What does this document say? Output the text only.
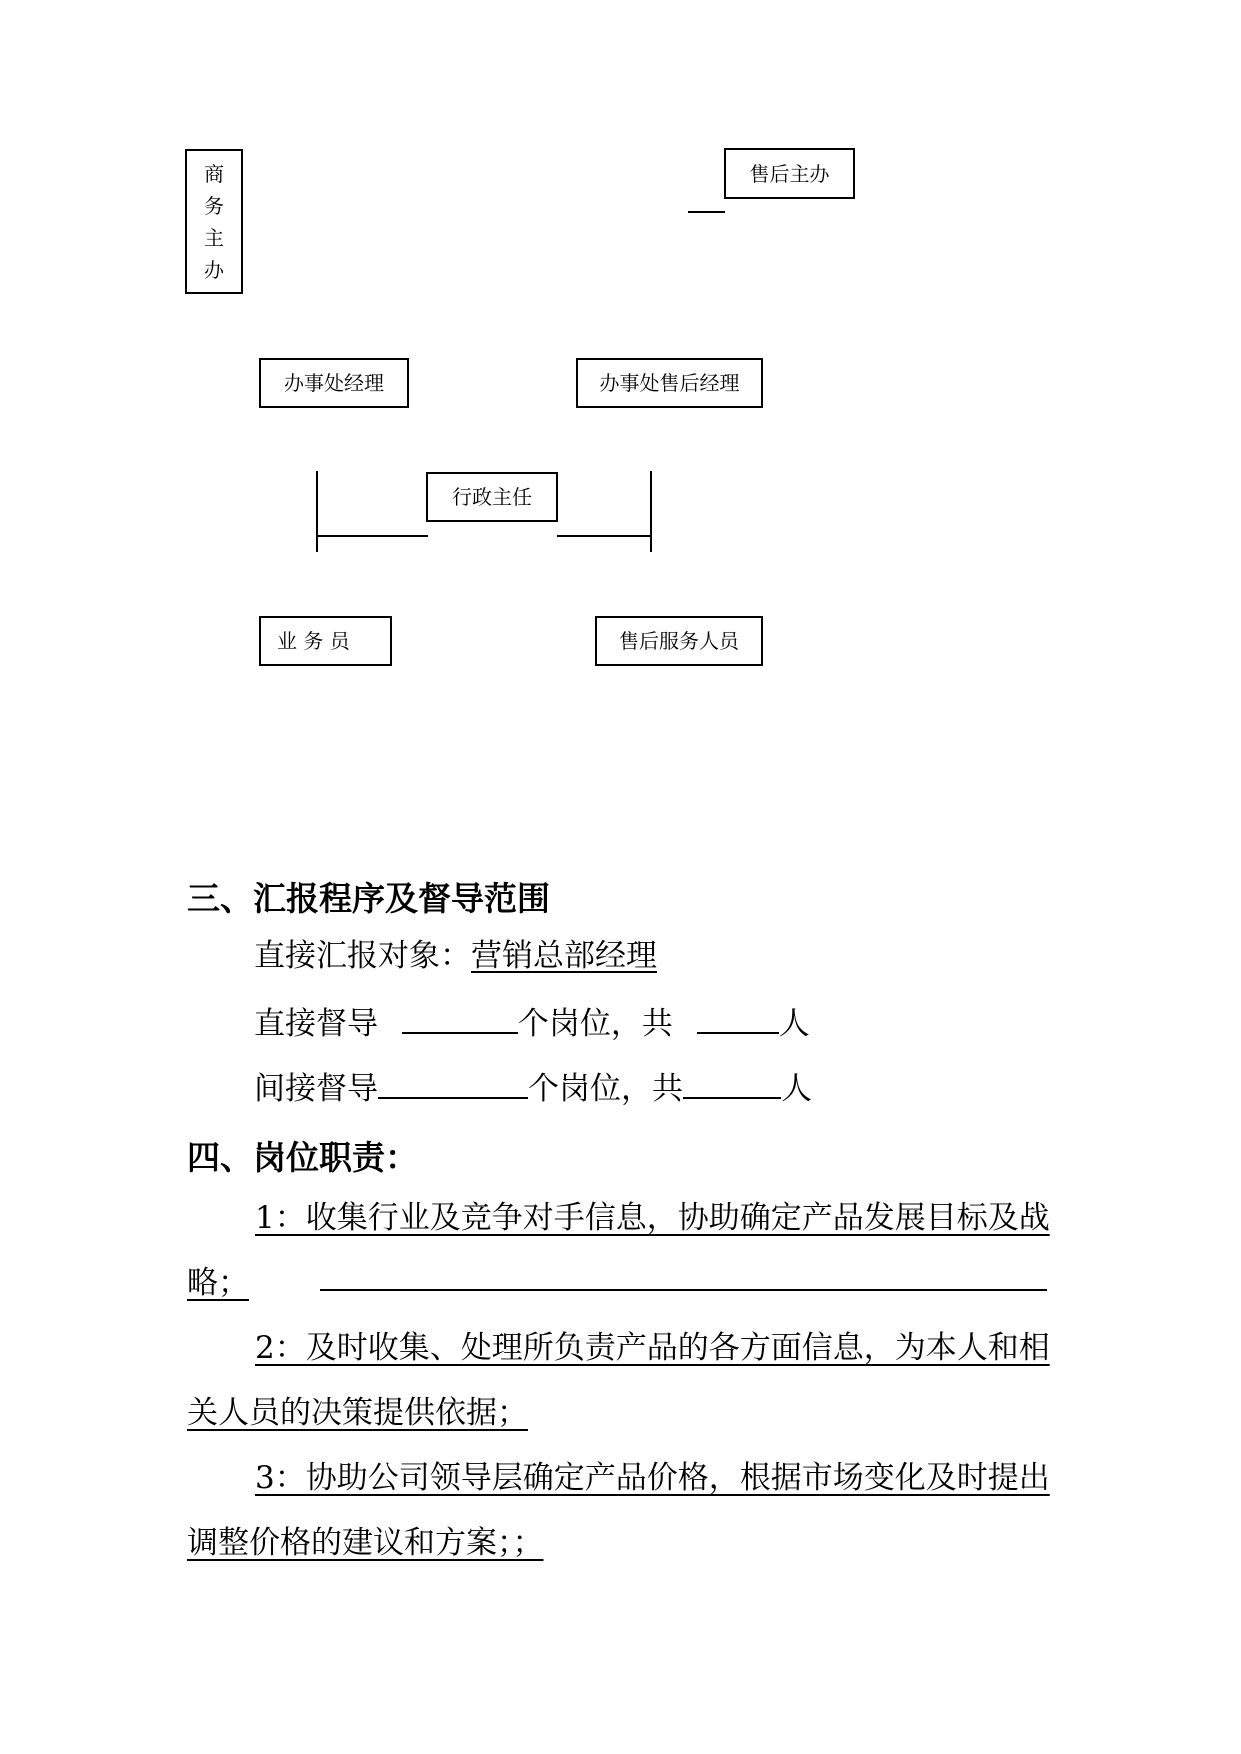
商
务
主
办
售后主办
办事处经理	办事处售后经理
行政主任
业 务 员	售后服务人员
三、汇报程序及督导范围
直接汇报对象：营销总部经理
直接督导	个岗位，共	人
间接督导	个岗位，共	人
四、岗位职责：
1：收集行业及竞争对手信息，协助确定产品发展目标及战略；
2：及时收集、处理所负责产品的各方面信息，为本人和相关人员的决策提供依据；
3：协助公司领导层确定产品价格，根据市场变化及时提出调整价格的建议和方案；；
